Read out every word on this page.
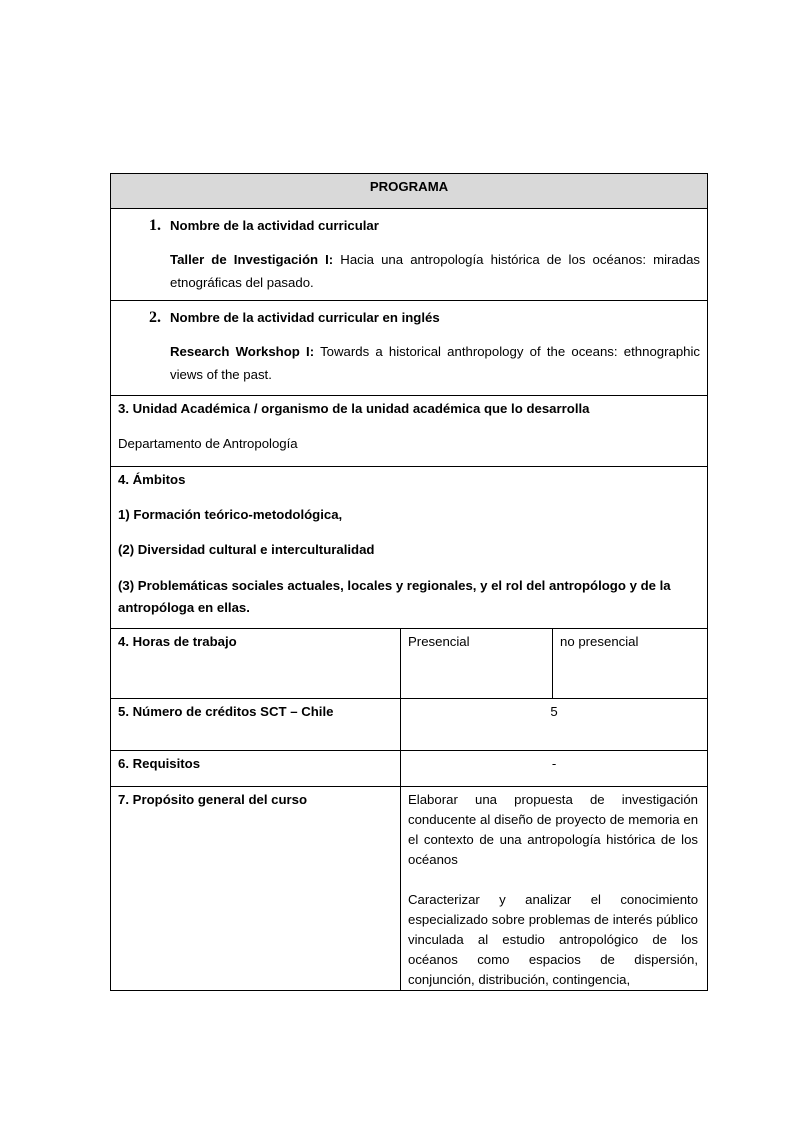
PROGRAMA		

1. Nombre de la actividad curricular

Taller de Investigación I: Hacia una antropología histórica de los océanos: miradas etnográficas del pasado.		

2. Nombre de la actividad curricular en inglés

Research Workshop I: Towards a historical anthropology of the oceans: ethnographic views of the past.		

3. Unidad Académica / organismo de la unidad académica que lo desarrolla

Departamento de Antropología		

4. Ámbitos

1) Formación teórico-metodológica,

(2) Diversidad cultural e interculturalidad

(3) Problemáticas sociales actuales, locales y regionales, y el rol del antropólogo y de la antropóloga en ellas.		

4. Horas de trabajo	Presencial	no presencial

5. Número de créditos SCT – Chile	5	

6. Requisitos	-	

7. Propósito general del curso	Elaborar una propuesta de investigación conducente al diseño de proyecto de memoria en el contexto de una antropología histórica de los océanos

Caracterizar y analizar el conocimiento especializado sobre problemas de interés público vinculada al estudio antropológico de los océanos como espacios de dispersión, conjunción, distribución, contingencia,	
